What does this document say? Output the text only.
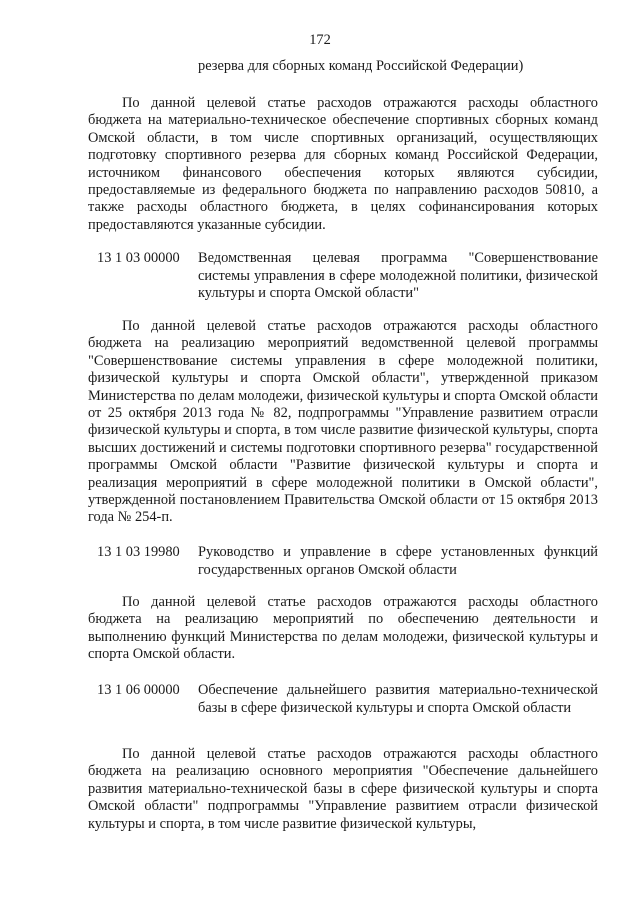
172
резерва для сборных команд Российской Федерации)
По данной целевой статье расходов отражаются расходы областного бюджета на материально-техническое обеспечение спортивных сборных команд Омской области, в том числе спортивных организаций, осуществляющих подготовку спортивного резерва для сборных команд Российской Федерации, источником финансового обеспечения которых являются субсидии, предоставляемые из федерального бюджета по направлению расходов 50810, а также расходы областного бюджета, в целях софинансирования которых предоставляются указанные субсидии.
13 1 03 00000 Ведомственная целевая программа "Совершенствование системы управления в сфере молодежной политики, физической культуры и спорта Омской области"
По данной целевой статье расходов отражаются расходы областного бюджета на реализацию мероприятий ведомственной целевой программы "Совершенствование системы управления в сфере молодежной политики, физической культуры и спорта Омской области", утвержденной приказом Министерства по делам молодежи, физической культуры и спорта Омской области от 25 октября 2013 года № 82, подпрограммы "Управление развитием отрасли физической культуры и спорта, в том числе развитие физической культуры, спорта высших достижений и системы подготовки спортивного резерва" государственной программы Омской области "Развитие физической культуры и спорта и реализация мероприятий в сфере молодежной политики в Омской области", утвержденной постановлением Правительства Омской области от 15 октября 2013 года № 254-п.
13 1 03 19980 Руководство и управление в сфере установленных функций государственных органов Омской области
По данной целевой статье расходов отражаются расходы областного бюджета на реализацию мероприятий по обеспечению деятельности и выполнению функций Министерства по делам молодежи, физической культуры и спорта Омской области.
13 1 06 00000 Обеспечение дальнейшего развития материально-технической базы в сфере физической культуры и спорта Омской области
По данной целевой статье расходов отражаются расходы областного бюджета на реализацию основного мероприятия "Обеспечение дальнейшего развития материально-технической базы в сфере физической культуры и спорта Омской области" подпрограммы "Управление развитием отрасли физической культуры и спорта, в том числе развитие физической культуры,
